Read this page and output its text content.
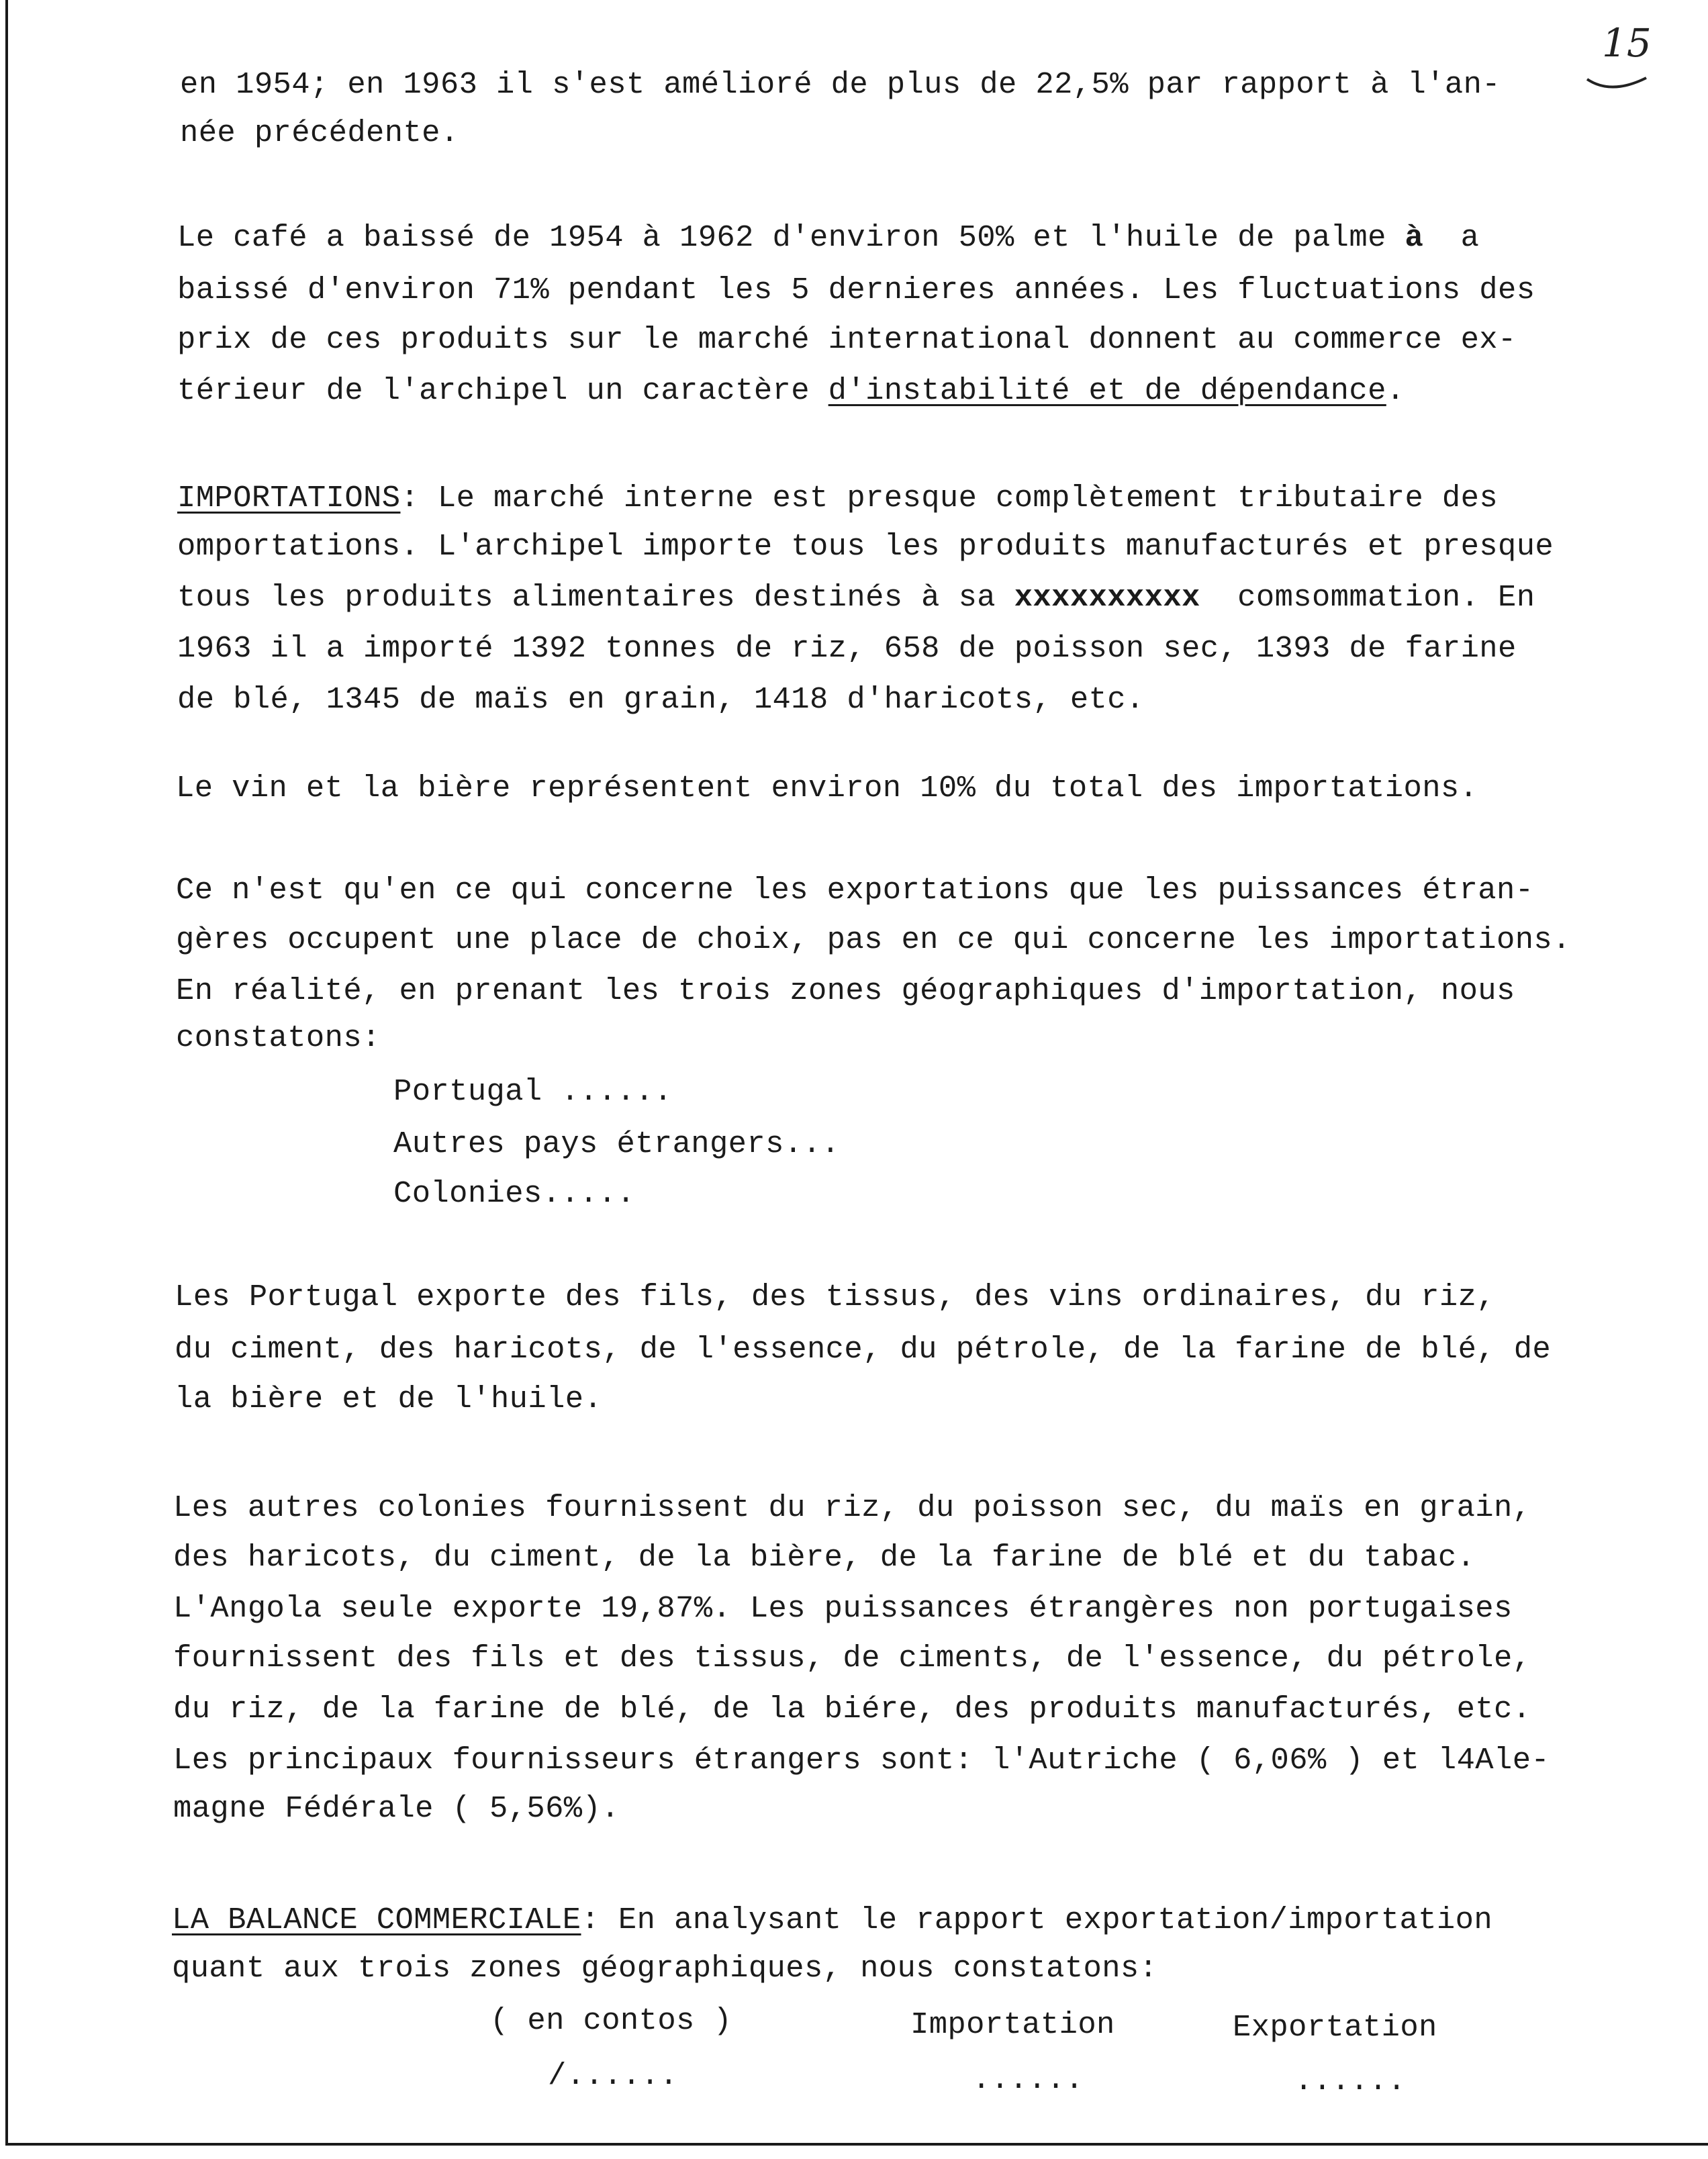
15
en 1954; en 1963 il s'est amélioré de plus de 22,5% par rapport à l'an-
née précédente.
Le café a baissé de 1954 à 1962 d'environ 50% et l'huile de palme à  a
baissé d'environ 71% pendant les 5 dernieres années. Les fluctuations des
prix de ces produits sur le marché international donnent au commerce ex-
térieur de l'archipel un caractère d'instabilité et de dépendance.
IMPORTATIONS: Le marché interne est presque complètement tributaire des
omportations. L'archipel importe tous les produits manufacturés et presque
tous les produits alimentaires destinés à sa xxxxxxxxxx  comsommation. En
1963 il a importé 1392 tonnes de riz, 658 de poisson sec, 1393 de farine
de blé, 1345 de maïs en grain, 1418 d'haricots, etc.
Le vin et la bière représentent environ 10% du total des importations.
Ce n'est qu'en ce qui concerne les exportations que les puissances étran-
gères occupent une place de choix, pas en ce qui concerne les importations.
En réalité, en prenant les trois zones géographiques d'importation, nous
constatons:
Portugal ......
Autres pays étrangers...
Colonies.....
Les Portugal exporte des fils, des tissus, des vins ordinaires, du riz,
du ciment, des haricots, de l'essence, du pétrole, de la farine de blé, de
la bière et de l'huile.
Les autres colonies fournissent du riz, du poisson sec, du maïs en grain,
des haricots, du ciment, de la bière, de la farine de blé et du tabac.
L'Angola seule exporte 19,87%. Les puissances étrangères non portugaises
fournissent des fils et des tissus, de ciments, de l'essence, du pétrole,
du riz, de la farine de blé, de la biére, des produits manufacturés, etc.
Les principaux fournisseurs étrangers sont: l'Autriche ( 6,06% ) et l4Ale-
magne Fédérale ( 5,56%).
LA BALANCE COMMERCIALE: En analysant le rapport exportation/importation
quant aux trois zones géographiques, nous constatons:
( en contos )	Importation	Exportation
/......	......	......
